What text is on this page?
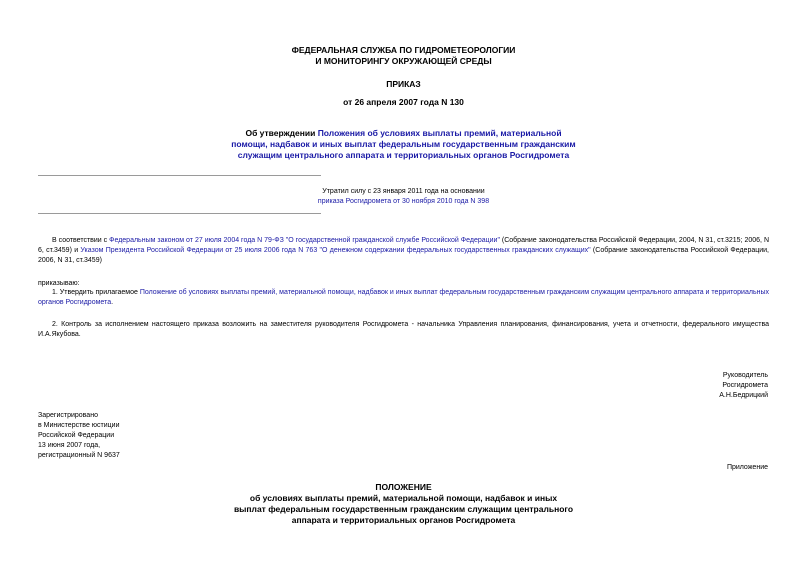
ФЕДЕРАЛЬНАЯ СЛУЖБА ПО ГИДРОМЕТЕОРОЛОГИИ
И МОНИТОРИНГУ ОКРУЖАЮЩЕЙ СРЕДЫ
ПРИКАЗ
от 26 апреля 2007 года N 130
Об утверждении Положения об условиях выплаты премий, материальной
помощи, надбавок и иных выплат федеральным государственным гражданским
служащим центрального аппарата и территориальных органов Росгидромета
Утратил силу с 23 января 2011 года на основании
приказа Росгидромета от 30 ноября 2010 года N 398

В соответствии с Федеральным законом от 27 июля 2004 года N 79-ФЗ "О государственной гражданской службе Российской Федерации" (Собрание законодательства Российской Федерации, 2004, N 31, ст.3215; 2006, N 6, ст.3459) и Указом Президента Российской Федерации от 25 июля 2006 года N 763 "О денежном содержании федеральных государственных гражданских служащих" (Собрание законодательства Российской Федерации, 2006, N 31, ст.3459)

приказываю:

1. Утвердить прилагаемое Положение об условиях выплаты премий, материальной помощи, надбавок и иных выплат федеральным государственным гражданским служащим центрального аппарата и территориальных органов Росгидромета.

2. Контроль за исполнением настоящего приказа возложить на заместителя руководителя Росгидромета - начальника Управления планирования, финансирования, учета и отчетности, федерального имущества И.А.Якубова.

Руководитель
Росгидромета
А.Н.Бедрицкий
Зарегистрировано
в Министерстве юстиции
Российской Федерации
13 июня 2007 года,
регистрационный N 9637
Приложение
ПОЛОЖЕНИЕ
об условиях выплаты премий, материальной помощи, надбавок и иных
выплат федеральным государственным гражданским служащим центрального
аппарата и территориальных органов Росгидромета
